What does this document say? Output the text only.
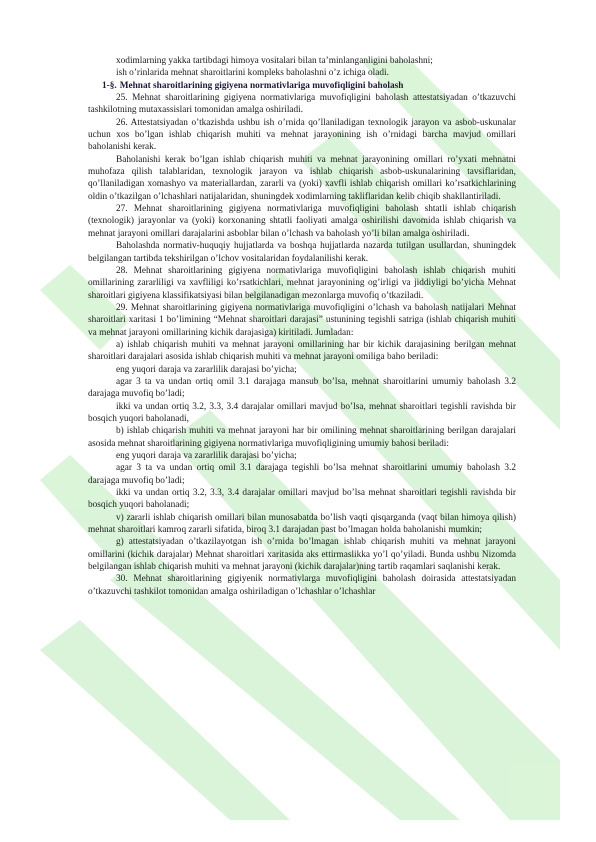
xodimlarning yakka tartibdagi himoya vositalari bilan ta’minlanganligini baholashni;

ish o’rinlarida mehnat sharoitlarini kompleks baholashni o’z ichiga oladi.

1-§. Mehnat sharoitlarining gigiyena normativlariga muvofiqligini baholash

25. Mehnat sharoitlarining gigiyena normativlariga muvofiqligini baholash attestatsiyadan o’tkazuvchi tashkilotning mutaxassislari tomonidan amalga oshiriladi.

26. Attestatsiyadan o’tkazishda ushbu ish o’rnida qo’llaniladigan texnologik jarayon va asbob-uskunalar uchun xos bo’lgan ishlab chiqarish muhiti va mehnat jarayonining ish o’rnidagi barcha mavjud omillari baholanishi kerak.

Baholanishi kerak bo’lgan ishlab chiqarish muhiti va mehnat jarayonining omillari ro’yxati mehnatni muhofaza qilish talablaridan, texnologik jarayon va ishlab chiqarish asbob-uskunalarining tavsiflaridan, qo’llaniladigan xomashyo va materiallardan, zararli va (yoki) xavfli ishlab chiqarish omillari ko’rsatkichlarining oldin o’tkazilgan o’lchashlari natijalaridan, shuningdek xodimlarning takliflaridan kelib chiqib shakllantiriladi.

27. Mehnat sharoitlarining gigiyena normativlariga muvofiqligini baholash shtatli ishlab chiqarish (texnologik) jarayonlar va (yoki) korxonaning shtatli faoliyati amalga oshirilishi davomida ishlab chiqarish va mehnat jarayoni omillari darajalarini asboblar bilan o’lchash va baholash yo’li bilan amalga oshiriladi.

Baholashda normativ-huquqiy hujjatlarda va boshqa hujjatlarda nazarda tutilgan usullardan, shuningdek belgilangan tartibda tekshirilgan o’lchov vositalaridan foydalanilishi kerak.

28. Mehnat sharoitlarining gigiyena normativlariga muvofiqligini baholash ishlab chiqarish muhiti omillarining zararliligi va xavfliligi ko’rsatkichlari, mehnat jarayonining og’irligi va jiddiyligi bo’yicha Mehnat sharoitlari gigiyena klassifikatsiyasi bilan belgilanadigan mezonlarga muvofiq o’tkaziladi.

29. Mehnat sharoitlarining gigiyena normativlariga muvofiqligini o’lchash va baholash natijalari Mehnat sharoitlari xaritasi 1 bo’limining “Mehnat sharoitlari darajasi” ustunining tegishli satriga (ishlab chiqarish muhiti va mehnat jarayoni omillarining kichik darajasiga) kiritiladi. Jumladan:

a) ishlab chiqarish muhiti va mehnat jarayoni omillarining har bir kichik darajasining berilgan mehnat sharoitlari darajalari asosida ishlab chiqarish muhiti va mehnat jarayoni omiliga baho beriladi:

eng yuqori daraja va zararlilik darajasi bo’yicha;

agar 3 ta va undan ortiq omil 3.1 darajaga mansub bo’lsa, mehnat sharoitlarini umumiy baholash 3.2 darajaga muvofiq bo’ladi;

ikki va undan ortiq 3.2, 3.3, 3.4 darajalar omillari mavjud bo’lsa, mehnat sharoitlari tegishli ravishda bir bosqich yuqori baholanadi,

b) ishlab chiqarish muhiti va mehnat jarayoni har bir omilining mehnat sharoitlarining berilgan darajalari asosida mehnat sharoitlarining gigiyena normativlariga muvofiqligining umumiy bahosi beriladi:

eng yuqori daraja va zararlilik darajasi bo’yicha;

agar 3 ta va undan ortiq omil 3.1 darajaga tegishli bo’lsa mehnat sharoitlarini umumiy baholash 3.2 darajaga muvofiq bo’ladi;

ikki va undan ortiq 3.2, 3.3, 3.4 darajalar omillari mavjud bo’lsa mehnat sharoitlari tegishli ravishda bir bosqich yuqori baholanadi;

v) zararli ishlab chiqarish omillari bilan munosabatda bo’lish vaqti qisqarganda (vaqt bilan himoya qilish) mehnat sharoitlari kamroq zararli sifatida, biroq 3.1 darajadan past bo’lmagan holda baholanishi mumkin;

g) attestatsiyadan o’tkazilayotgan ish o’rnida bo’lmagan ishlab chiqarish muhiti va mehnat jarayoni omillarini (kichik darajalar) Mehnat sharoitlari xaritasida aks ettirmaslikka yo’l qo’yiladi. Bunda ushbu Nizomda belgilangan ishlab chiqarish muhiti va mehnat jarayoni (kichik darajalar)ning tartib raqamlari saqlanishi kerak.

30. Mehnat sharoitlarining gigiyenik normativlarga muvofiqligini baholash doirasida attestatsiyadan o’tkazuvchi tashkilot tomonidan amalga oshiriladigan o’lchashlar o’lchashlar
